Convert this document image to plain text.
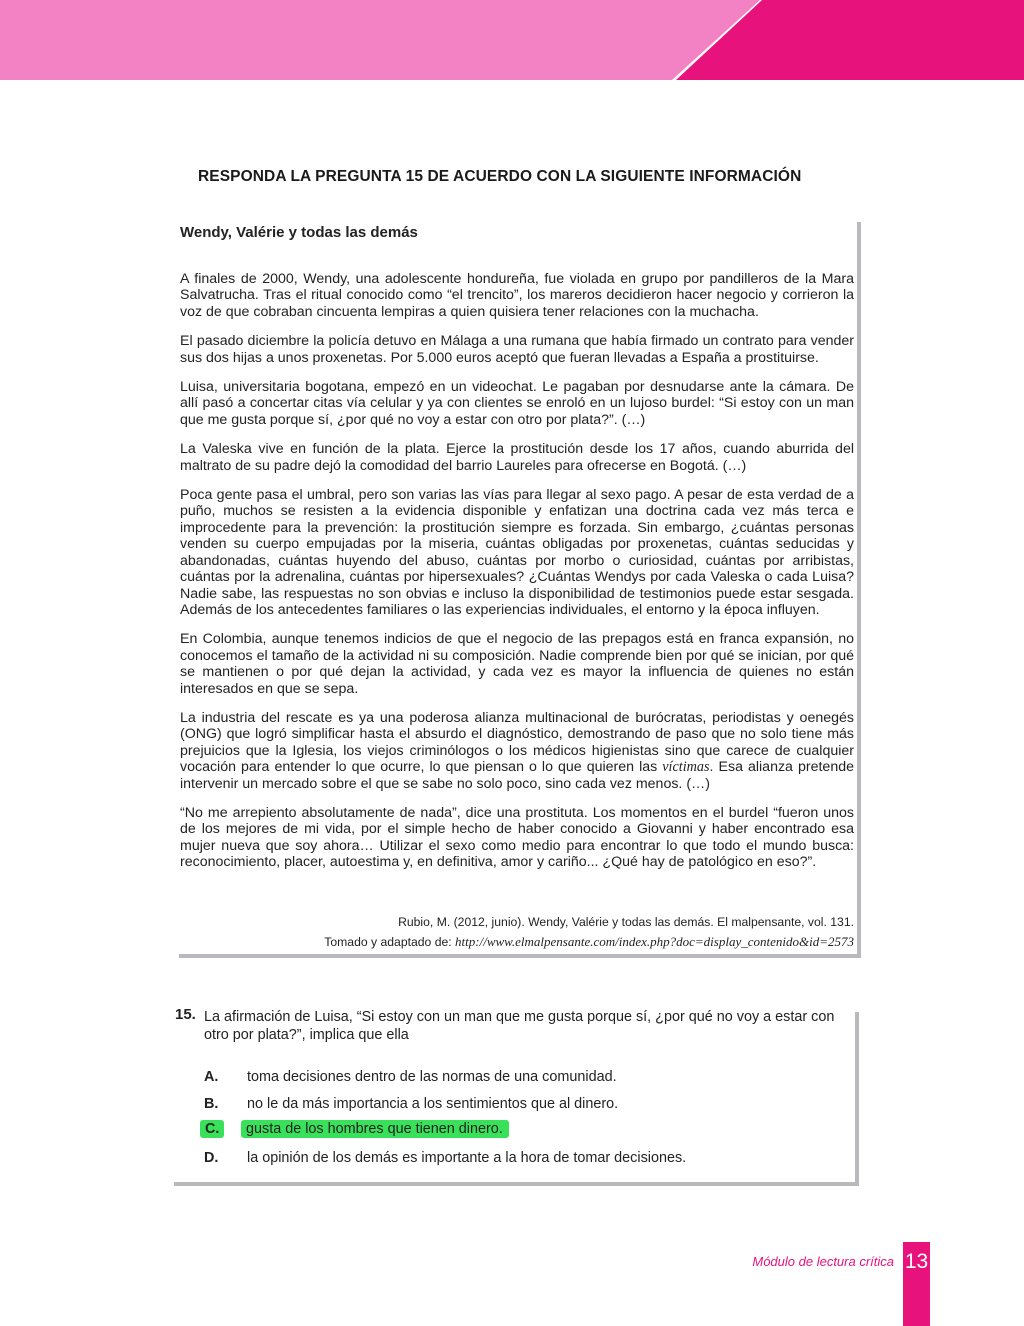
RESPONDA LA PREGUNTA 15 DE ACUERDO CON LA SIGUIENTE INFORMACIÓN
Wendy, Valérie y todas las demás

A finales de 2000, Wendy, una adolescente hondureña, fue violada en grupo por pandilleros de la Mara Salvatrucha. Tras el ritual conocido como “el trencito”, los mareros decidieron hacer negocio y corrieron la voz de que cobraban cincuenta lempiras a quien quisiera tener relaciones con la muchacha.

El pasado diciembre la policía detuvo en Málaga a una rumana que había firmado un contrato para vender sus dos hijas a unos proxenetas. Por 5.000 euros aceptó que fueran llevadas a España a prostituirse.

Luisa, universitaria bogotana, empezó en un videochat. Le pagaban por desnudarse ante la cámara. De allí pasó a concertar citas vía celular y ya con clientes se enroló en un lujoso burdel: “Si estoy con un man que me gusta porque sí, ¿por qué no voy a estar con otro por plata?”. (…)

La Valeska vive en función de la plata. Ejerce la prostitución desde los 17 años, cuando aburrida del maltrato de su padre dejó la comodidad del barrio Laureles para ofrecerse en Bogotá. (…)

Poca gente pasa el umbral, pero son varias las vías para llegar al sexo pago. A pesar de esta verdad de a puño, muchos se resisten a la evidencia disponible y enfatizan una doctrina cada vez más terca e improcedente para la prevención: la prostitución siempre es forzada. Sin embargo, ¿cuántas personas venden su cuerpo empujadas por la miseria, cuántas obligadas por proxenetas, cuántas seducidas y abandonadas, cuántas huyendo del abuso, cuántas por morbo o curiosidad, cuántas por arribistas, cuántas por la adrenalina, cuántas por hipersexuales? ¿Cuántas Wendys por cada Valeska o cada Luisa? Nadie sabe, las respuestas no son obvias e incluso la disponibilidad de testimonios puede estar sesgada. Además de los antecedentes familiares o las experiencias individuales, el entorno y la época influyen.

En Colombia, aunque tenemos indicios de que el negocio de las prepagos está en franca expansión, no conocemos el tamaño de la actividad ni su composición. Nadie comprende bien por qué se inician, por qué se mantienen o por qué dejan la actividad, y cada vez es mayor la influencia de quienes no están interesados en que se sepa.

La industria del rescate es ya una poderosa alianza multinacional de burócratas, periodistas y oenegés (ONG) que logró simplificar hasta el absurdo el diagnóstico, demostrando de paso que no solo tiene más prejuicios que la Iglesia, los viejos criminólogos o los médicos higienistas sino que carece de cualquier vocación para entender lo que ocurre, lo que piensan o lo que quieren las víctimas. Esa alianza pretende intervenir un mercado sobre el que se sabe no solo poco, sino cada vez menos. (…)

“No me arrepiento absolutamente de nada”, dice una prostituta. Los momentos en el burdel “fueron unos de los mejores de mi vida, por el simple hecho de haber conocido a Giovanni y haber encontrado esa mujer nueva que soy ahora… Utilizar el sexo como medio para encontrar lo que todo el mundo busca: reconocimiento, placer, autoestima y, en definitiva, amor y cariño... ¿Qué hay de patológico en eso?”.

Rubio, M. (2012, junio). Wendy, Valérie y todas las demás. El malpensante, vol. 131.
Tomado y adaptado de: http://www.elmalpensante.com/index.php?doc=display_contenido&id=2573
15. La afirmación de Luisa, “Si estoy con un man que me gusta porque sí, ¿por qué no voy a estar con otro por plata?”, implica que ella
A. toma decisiones dentro de las normas de una comunidad.
B. no le da más importancia a los sentimientos que al dinero.
C.	gusta de los hombres que tienen dinero.
D. la opinión de los demás es importante a la hora de tomar decisiones.
Módulo de lectura crítica 13
